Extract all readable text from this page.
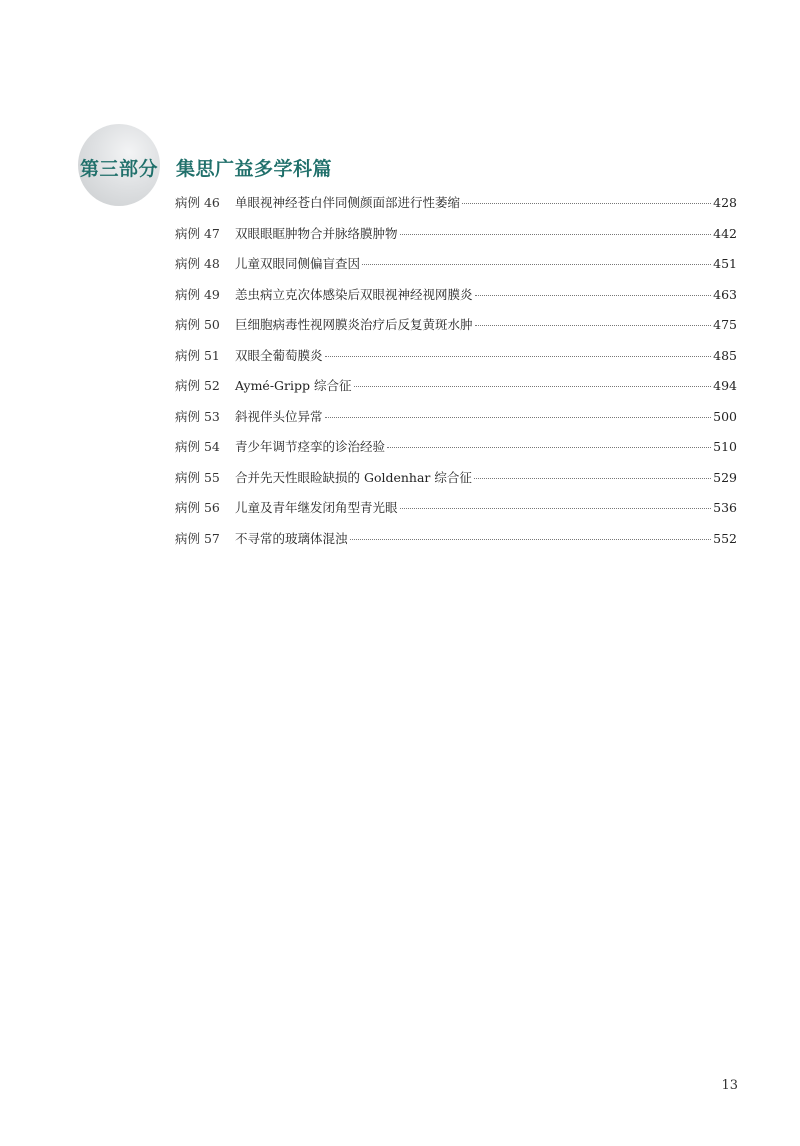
第三部分 集思广益多学科篇
病例 46	单眼视神经苍白伴同侧颜面部进行性萎缩	428
病例 47	双眼眼眶肿物合并脉络膜肿物	442
病例 48	儿童双眼同侧偏盲查因	451
病例 49	恙虫病立克次体感染后双眼视神经视网膜炎	463
病例 50	巨细胞病毒性视网膜炎治疗后反复黄斑水肿	475
病例 51	双眼全葡萄膜炎	485
病例 52	Aymé-Gripp 综合征	494
病例 53	斜视伴头位异常	500
病例 54	青少年调节痉挛的诊治经验	510
病例 55	合并先天性眼睑缺损的 Goldenhar 综合征	529
病例 56	儿童及青年继发闭角型青光眼	536
病例 57	不寻常的玻璃体混浊	552
13
